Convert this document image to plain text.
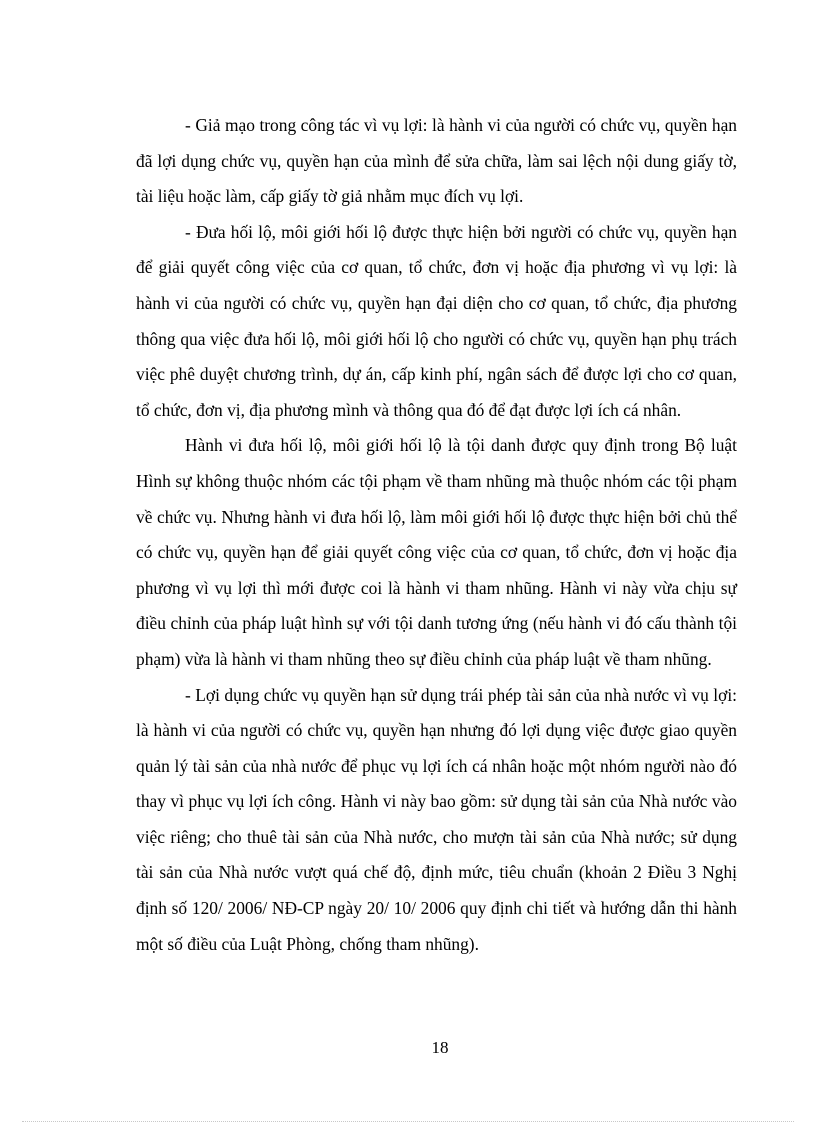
- Giả mạo trong công tác vì vụ lợi: là hành vi của người có chức vụ, quyền hạn đã lợi dụng chức vụ, quyền hạn của mình để sửa chữa, làm sai lệch nội dung giấy tờ, tài liệu hoặc làm, cấp giấy tờ giả nhằm mục đích vụ lợi.

- Đưa hối lộ, môi giới hối lộ được thực hiện bởi người có chức vụ, quyền hạn để giải quyết công việc của cơ quan, tổ chức, đơn vị hoặc địa phương vì vụ lợi: là hành vi của người có chức vụ, quyền hạn đại diện cho cơ quan, tổ chức, địa phương thông qua việc đưa hối lộ, môi giới hối lộ cho người có chức vụ, quyền hạn phụ trách việc phê duyệt chương trình, dự án, cấp kinh phí, ngân sách để được lợi cho cơ quan, tổ chức, đơn vị, địa phương mình và thông qua đó để đạt được lợi ích cá nhân.

Hành vi đưa hối lộ, môi giới hối lộ là tội danh được quy định trong Bộ luật Hình sự không thuộc nhóm các tội phạm về tham nhũng mà thuộc nhóm các tội phạm về chức vụ. Nhưng hành vi đưa hối lộ, làm môi giới hối lộ được thực hiện bởi chủ thể có chức vụ, quyền hạn để giải quyết công việc của cơ quan, tổ chức, đơn vị hoặc địa phương vì vụ lợi thì mới được coi là hành vi tham nhũng. Hành vi này vừa chịu sự điều chỉnh của pháp luật hình sự với tội danh tương ứng (nếu hành vi đó cấu thành tội phạm) vừa là hành vi tham nhũng theo sự điều chỉnh của pháp luật về tham nhũng.

- Lợi dụng chức vụ quyền hạn sử dụng trái phép tài sản của nhà nước vì vụ lợi: là hành vi của người có chức vụ, quyền hạn nhưng đó lợi dụng việc được giao quyền quản lý tài sản của nhà nước để phục vụ lợi ích cá nhân hoặc một nhóm người nào đó thay vì phục vụ lợi ích công. Hành vi này bao gồm: sử dụng tài sản của Nhà nước vào việc riêng; cho thuê tài sản của Nhà nước, cho mượn tài sản của Nhà nước; sử dụng tài sản của Nhà nước vượt quá chế độ, định mức, tiêu chuẩn (khoản 2 Điều 3 Nghị định số 120/ 2006/ NĐ-CP ngày 20/ 10/ 2006 quy định chi tiết và hướng dẫn thi hành một số điều của Luật Phòng, chống tham nhũng).

18
